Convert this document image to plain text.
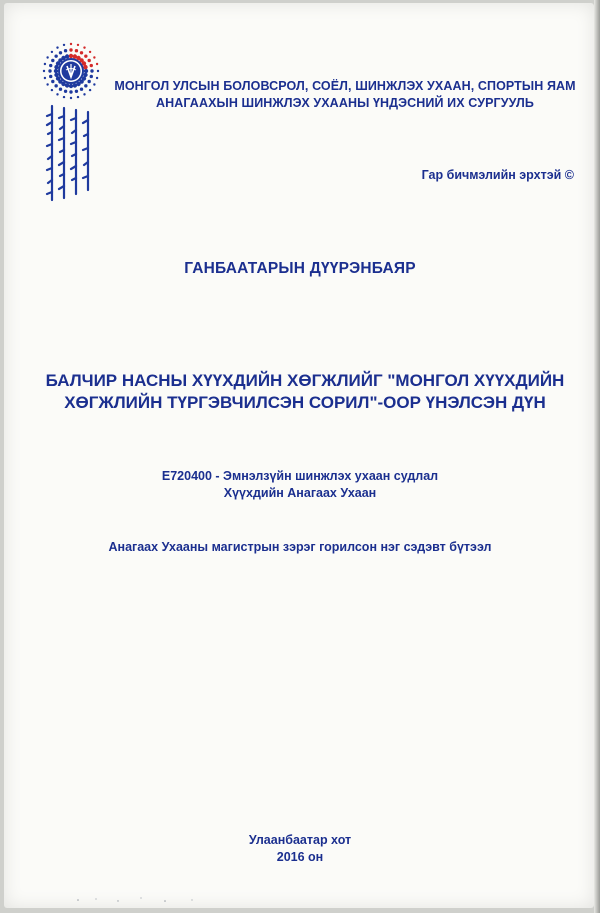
МОНГОЛ УЛСЫН БОЛОВСРОЛ, СОЁЛ, ШИНЖЛЭХ УХААН, СПОРТЫН ЯАМ
АНАГААХЫН ШИНЖЛЭХ УХААНЫ ҮНДЭСНИЙ ИХ СУРГУУЛЬ
Гар бичмэлийн эрхтэй ©
ГАНБААТАРЫН ДҮҮРЭНБАЯР
БАЛЧИР НАСНЫ ХҮҮХДИЙН ХӨГЖЛИЙГ "МОНГОЛ ХҮҮХДИЙН
ХӨГЖЛИЙН ТҮРГЭВЧИЛСЭН СОРИЛ"-ООР ҮНЭЛСЭН ДҮН
E720400 - Эмнэлзүйн шинжлэх ухаан судлал
Хүүхдийн Анагаах Ухаан
Анагаах Ухааны магистрын зэрэг горилсон нэг сэдэвт бүтээл
Улаанбаатар хот
2016 он
